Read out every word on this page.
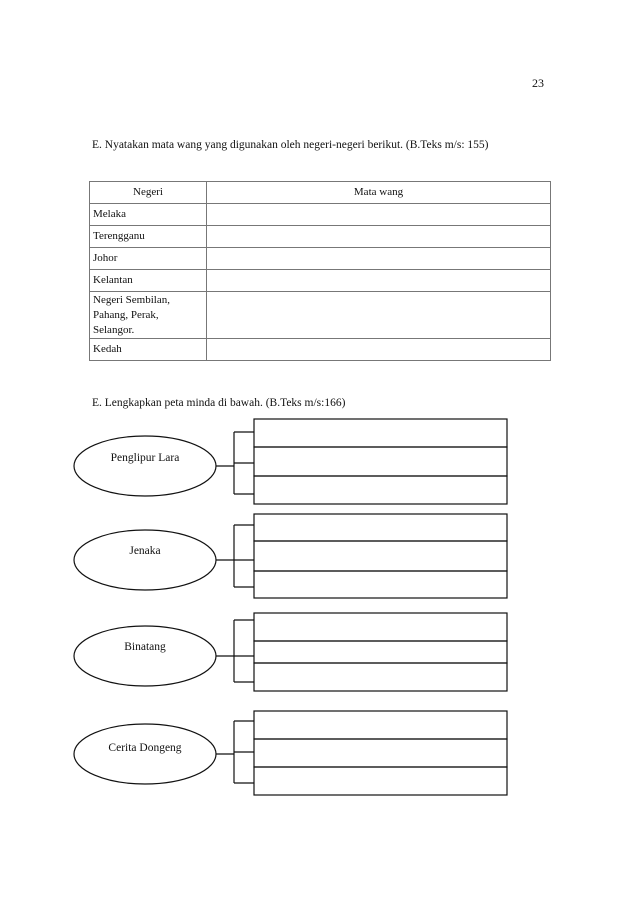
23
E. Nyatakan mata wang yang digunakan oleh negeri-negeri berikut. (B.Teks m/s: 155)
Negeri	Mata wang
Melaka	
Terengganu	
Johor	
Kelantan	

Negeri Sembilan,
Pahang, Perak,
Selangor.	

Kedah	
E. Lengkapkan peta minda di bawah. (B.Teks m/s:166)
Penglipur Lara
Jenaka
Binatang
Cerita Dongeng
